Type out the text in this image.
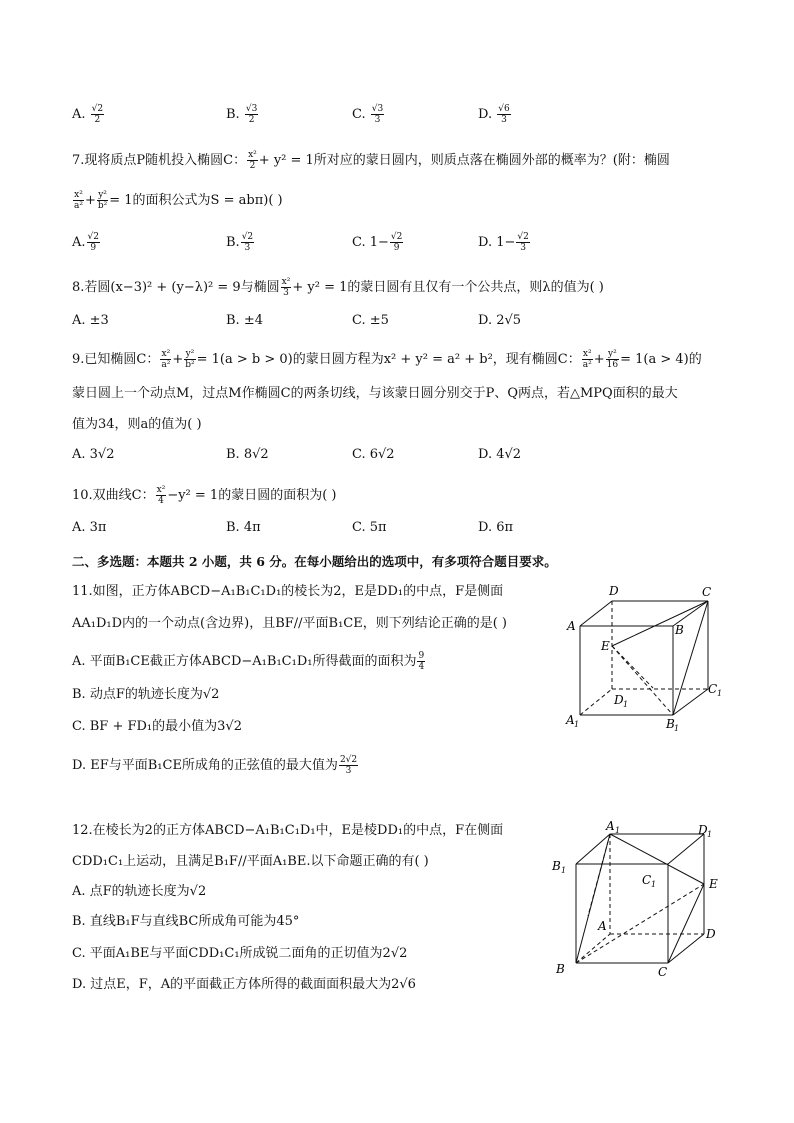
A. $\frac{√2}{2}$	B. $\frac{√3}{2}$	C. $\frac{√3}{3}$	D. $\frac{√6}{3}$
7.现将质点P随机投入椭圆C： $\frac{\text{x²}}{2} + y^2 = 1$所对应的蒙日圆内，则质点落在椭圆外部的概率为？(附：椭圆
$\frac{\text{x²}}{\text{a²}} + \frac{\text{y²}}{\text{b²}} = 1$的面积公式为S = abπ)( )
A. $\frac{√2}{9}$	B. $\frac{√2}{3}$	C. $1- \frac{√2}{9}$	D. $1- \frac{√2}{3}$
8.若圆(x−3)² + (y−λ)² = 9与椭圆 $\frac{\text{x²}}{3} + y^2 = 1$的蒙日圆有且仅有一个公共点，则λ的值为( )
A. ±3	B. ±4	C. ±5	D. 2√5
9.已知椭圆C： $\frac{\text{x²}}{\text{a²}} + \frac{\text{y²}}{\text{b²}} = 1(a > b > 0)$的蒙日圆方程为x² + y² = a² + b²，现有椭圆C： $\frac{\text{x²}}{\text{a²}} + \frac{\text{y²}}{16} = 1(a > 4)$的
蒙日圆上一个动点M，过点M作椭圆C的两条切线，与该蒙日圆分别交于P、Q两点，若△MPQ面积的最大
值为34，则a的值为( )
A. 3√2	B. 8√2	C. 6√2	D. 4√2
10.双曲线C： $\frac{\text{x²}}{4} -y^2 = 1$的蒙日圆的面积为( )
A. 3π	B. 4π	C. 5π	D. 6π
二、多选题：本题共 2 小题，共 6 分。在每小题给出的选项中，有多项符合题目要求。
11.如图，正方体ABCD−A₁B₁C₁D₁的棱长为2，E是DD₁的中点，F是侧面
AA₁D₁D内的一个动点(含边界)，且BF//平面B₁CE，则下列结论正确的是( )
A. 平面B₁CE截正方体ABCD−A₁B₁C₁D₁所得截面的面积为 $\frac{9}{4}$
B. 动点F的轨迹长度为√2
C. BF + FD₁的最小值为3√2
D. EF与平面B₁CE所成角的正弦值的最大值为 $\frac{2√2}{3}$
D	C
A	B
E
D 1
C 1
A 1	B 1
12.在棱长为2的正方体ABCD−A₁B₁C₁D₁中，E是棱DD₁的中点，F在侧面
CDD₁C₁上运动，且满足B₁F//平面A₁BE.以下命题正确的有( )
A. 点F的轨迹长度为√2
B. 直线B₁F与直线BC所成角可能为45°
C. 平面A₁BE与平面CDD₁C₁所成锐二面角的正切值为2√2
D. 过点E，F，A的平面截正方体所得的截面面积最大为2√6
A 1	D 1
B 1
C 1	E
A
D
B	C
